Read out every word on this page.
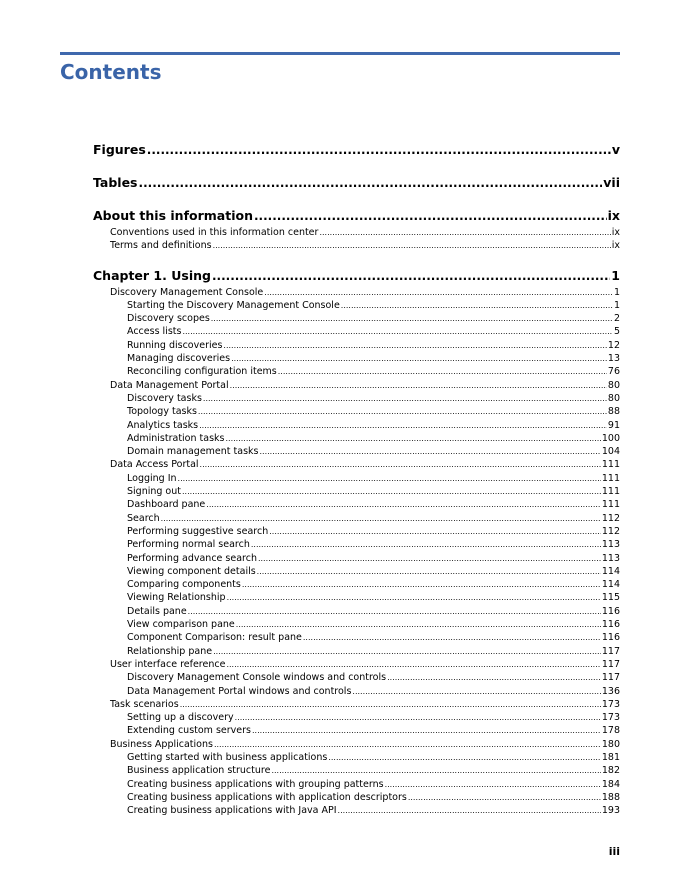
Contents
Figures .....	v
Tables .....	vii
About this information .....	ix
Conventions used in this information center .....	ix
Terms and definitions .....	ix
Chapter 1. Using .....	1
Discovery Management Console .....	1
Starting the Discovery Management Console .....	1
Discovery scopes .....	2
Access lists .....	5
Running discoveries .....	12
Managing discoveries .....	13
Reconciling configuration items .....	76
Data Management Portal .....	80
Discovery tasks .....	80
Topology tasks .....	88
Analytics tasks .....	91
Administration tasks .....	100
Domain management tasks .....	104
Data Access Portal .....	111
Logging In .....	111
Signing out .....	111
Dashboard pane .....	111
Search .....	112
Performing suggestive search .....	112
Performing normal search .....	113
Performing advance search .....	113
Viewing component details .....	114
Comparing components .....	114
Viewing Relationship .....	115
Details pane .....	116
View comparison pane .....	116
Component Comparison: result pane .....	116
Relationship pane .....	117
User interface reference .....	117
Discovery Management Console windows and controls .....	117
Data Management Portal windows and controls .....	136
Task scenarios .....	173
Setting up a discovery .....	173
Extending custom servers .....	178
Business Applications .....	180
Getting started with business applications .....	181
Business application structure .....	182
Creating business applications with grouping patterns .....	184
Creating business applications with application descriptors .....	188
Creating business applications with Java API .....	193
iii
